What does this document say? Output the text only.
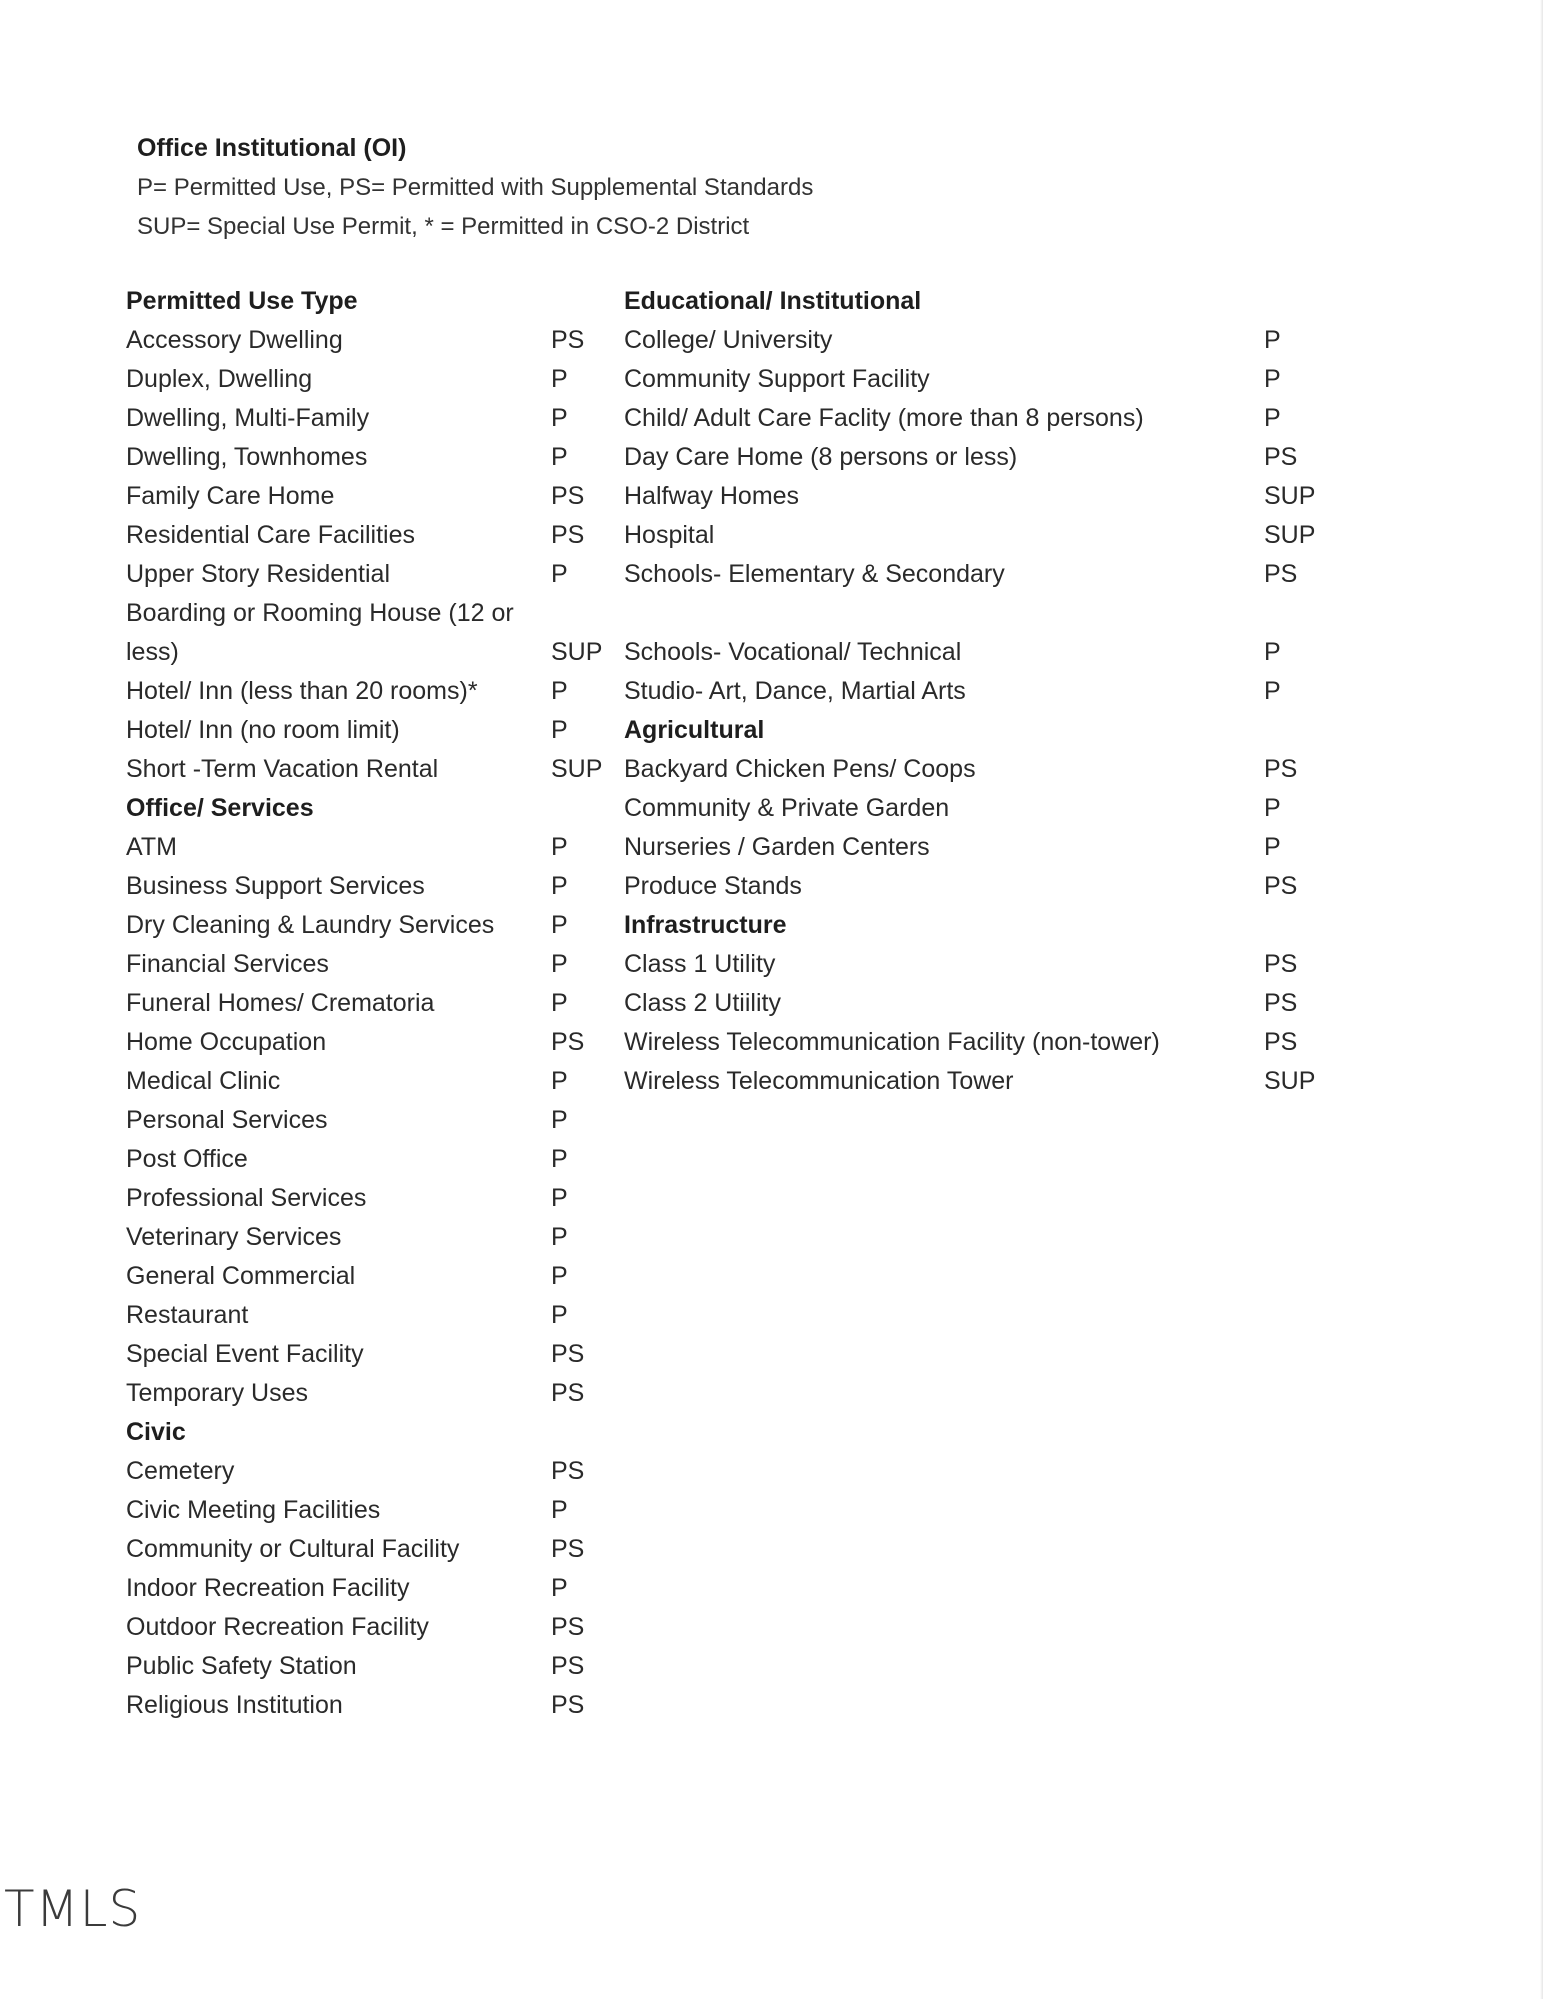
Office Institutional (OI)
P= Permitted Use, PS= Permitted with Supplemental Standards
SUP= Special Use Permit, * = Permitted in CSO-2 District
Permitted Use Type
Accessory Dwelling	PS
Duplex, Dwelling	P
Dwelling, Multi-Family	P
Dwelling, Townhomes	P
Family Care Home	PS
Residential Care Facilities	PS
Upper Story Residential	P
Boarding or Rooming House (12 or less)	SUP
Hotel/ Inn (less than 20 rooms)*	P
Hotel/ Inn (no room limit)	P
Short -Term Vacation Rental	SUP
Office/ Services
ATM	P
Business Support Services	P
Dry Cleaning & Laundry Services P
Financial Services	P
Funeral Homes/ Crematoria	P
Home Occupation	PS
Medical Clinic	P
Personal Services	P
Post Office	P
Professional Services	P
Veterinary Services	P
General Commercial	P
Restaurant	P
Special Event Facility	PS
Temporary Uses	PS
Civic
Cemetery	PS
Civic Meeting Facilities	P
Community or Cultural Facility	PS
Indoor Recreation Facility	P
Outdoor Recreation Facility	PS
Public Safety Station	PS
Religious Institution	PS
Educational/ Institutional
College/ University	P
Community Support Facility	P
Child/ Adult Care Faclity (more than 8 persons)	P
Day Care Home (8 persons or less)	PS
Halfway Homes	SUP
Hospital	SUP
Schools- Elementary & Secondary	PS
Schools- Vocational/ Technical	P
Studio- Art, Dance, Martial Arts	P
Agricultural
Backyard Chicken Pens/ Coops	PS
Community & Private Garden	P
Nurseries / Garden Centers	P
Produce Stands	PS
Infrastructure
Class 1 Utility	PS
Class 2 Utiility	PS
Wireless Telecommunication Facility (non-tower)	PS
Wireless Telecommunication Tower	SUP
TMLS
